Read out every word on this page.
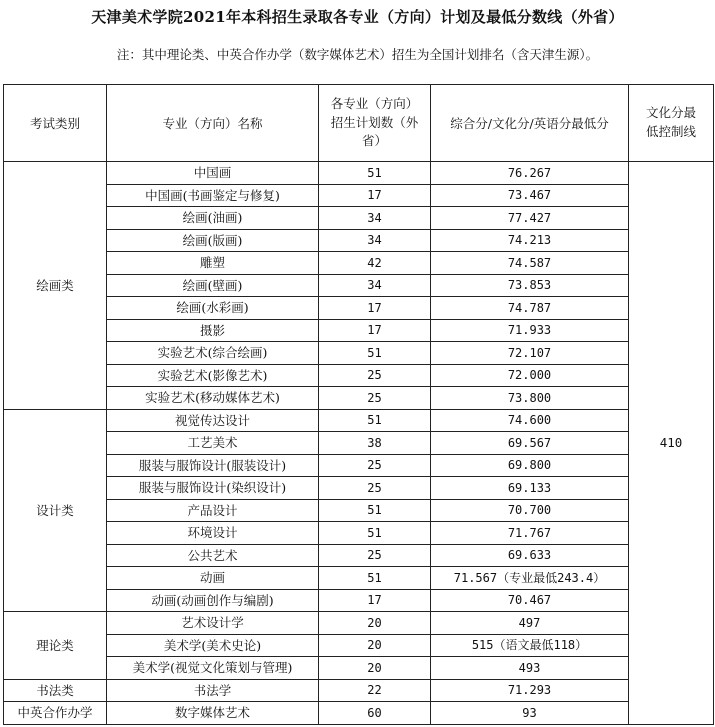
天津美术学院2021年本科招生录取各专业（方向）计划及最低分数线（外省）
注：其中理论类、中英合作办学（数字媒体艺术）招生为全国计划排名（含天津生源）。
考试类别	专业（方向）名称	各专业（方向）招生计划数（外省）	综合分/文化分/英语分最低分	文化分最低控制线
绘画类	中国画	51	76.267	410
	中国画(书画鉴定与修复)	17	73.467	
	绘画(油画)	34	77.427	
	绘画(版画)	34	74.213	
	雕塑	42	74.587	
	绘画(壁画)	34	73.853	
	绘画(水彩画)	17	74.787	
	摄影	17	71.933	
	实验艺术(综合绘画)	51	72.107	
	实验艺术(影像艺术)	25	72.000	
	实验艺术(移动媒体艺术)	25	73.800	
设计类	视觉传达设计	51	74.600	
	工艺美术	38	69.567	
	服装与服饰设计(服装设计)	25	69.800	
	服装与服饰设计(染织设计)	25	69.133	
	产品设计	51	70.700	
	环境设计	51	71.767	
	公共艺术	25	69.633	
	动画	51	71.567（专业最低243.4）	
	动画(动画创作与编剧)	17	70.467	
理论类	艺术设计学	20	497	
	美术学(美术史论)	20	515（语文最低118）	
	美术学(视觉文化策划与管理)	20	493	
书法类	书法学	22	71.293	
中英合作办学	数字媒体艺术	60	93	
